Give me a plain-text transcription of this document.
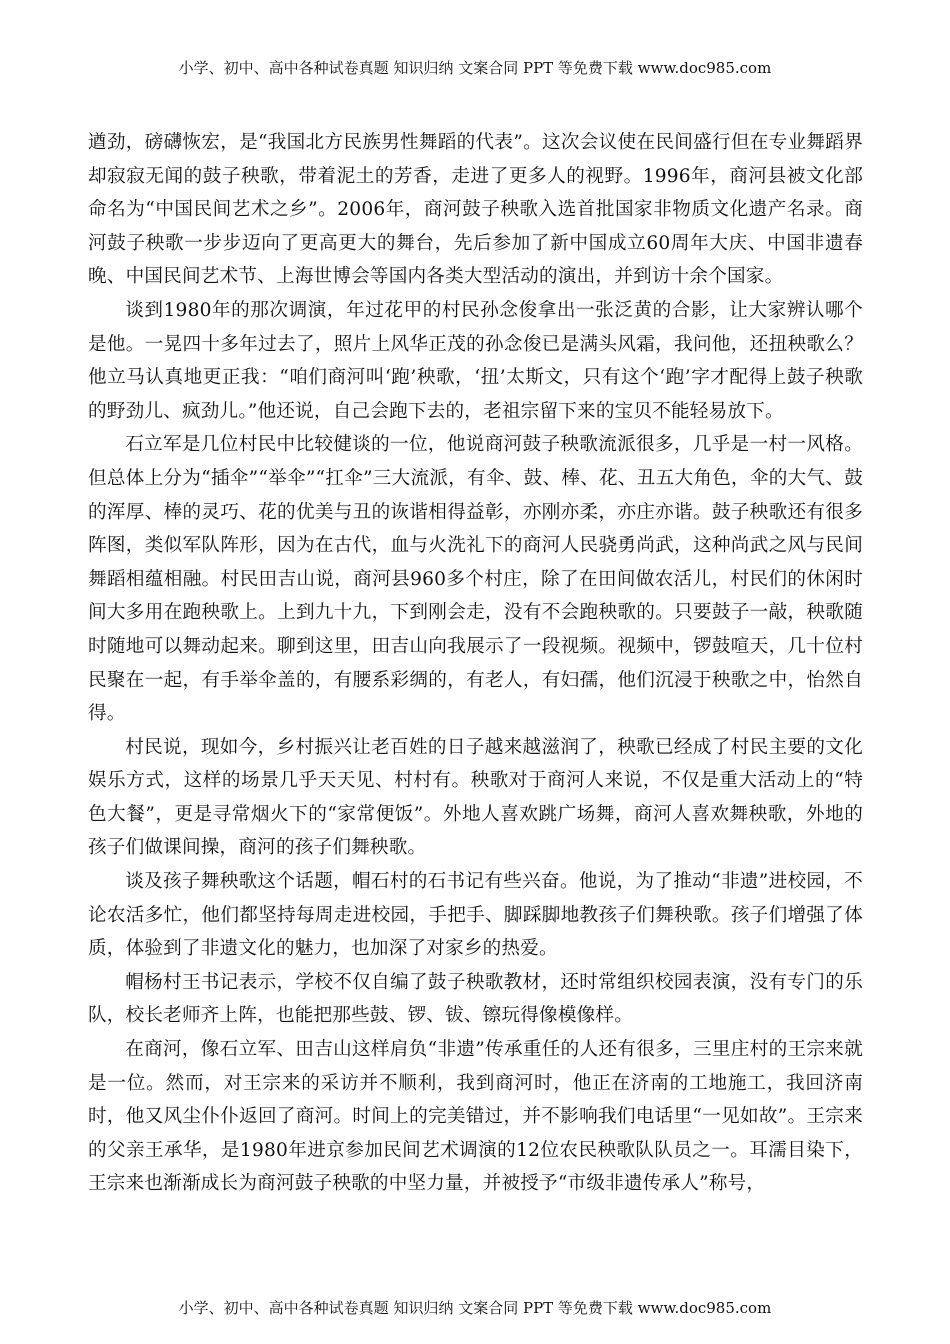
小学、初中、高中各种试卷真题 知识归纳 文案合同 PPT 等免费下载 www.doc985.com

遒劲，磅礴恢宏，是“我国北方民族男性舞蹈的代表”。这次会议使在民间盛行但在专业舞蹈界却寂寂无闻的鼓子秧歌，带着泥土的芳香，走进了更多人的视野。1996年，商河县被文化部命名为“中国民间艺术之乡”。2006年，商河鼓子秧歌入选首批国家非物质文化遗产名录。商河鼓子秧歌一步步迈向了更高更大的舞台，先后参加了新中国成立60周年大庆、中国非遗春晚、中国民间艺术节、上海世博会等国内各类大型活动的演出，并到访十余个国家。

谈到1980年的那次调演，年过花甲的村民孙念俊拿出一张泛黄的合影，让大家辨认哪个是他。一晃四十多年过去了，照片上风华正茂的孙念俊已是满头风霜，我问他，还扭秧歌么？他立马认真地更正我：“咱们商河叫‘跑’秧歌，‘扭’太斯文，只有这个‘跑’字才配得上鼓子秧歌的野劲儿、疯劲儿。”他还说，自己会跑下去的，老祖宗留下来的宝贝不能轻易放下。

石立军是几位村民中比较健谈的一位，他说商河鼓子秧歌流派很多，几乎是一村一风格。但总体上分为“插伞”“举伞”“扛伞”三大流派，有伞、鼓、棒、花、丑五大角色，伞的大气、鼓的浑厚、棒的灵巧、花的优美与丑的诙谐相得益彰，亦刚亦柔，亦庄亦谐。鼓子秧歌还有很多阵图，类似军队阵形，因为在古代，血与火洗礼下的商河人民骁勇尚武，这种尚武之风与民间舞蹈相蕴相融。村民田吉山说，商河县960多个村庄，除了在田间做农活儿，村民们的休闲时间大多用在跑秧歌上。上到九十九，下到刚会走，没有不会跑秧歌的。只要鼓子一敲，秧歌随时随地可以舞动起来。聊到这里，田吉山向我展示了一段视频。视频中，锣鼓喧天，几十位村民聚在一起，有手举伞盖的，有腰系彩绸的，有老人，有妇孺，他们沉浸于秧歌之中，怡然自得。

村民说，现如今，乡村振兴让老百姓的日子越来越滋润了，秧歌已经成了村民主要的文化娱乐方式，这样的场景几乎天天见、村村有。秧歌对于商河人来说，不仅是重大活动上的“特色大餐”，更是寻常烟火下的“家常便饭”。外地人喜欢跳广场舞，商河人喜欢舞秧歌，外地的孩子们做课间操，商河的孩子们舞秧歌。

谈及孩子舞秧歌这个话题，帽石村的石书记有些兴奋。他说，为了推动“非遗”进校园，不论农活多忙，他们都坚持每周走进校园，手把手、脚踩脚地教孩子们舞秧歌。孩子们增强了体质，体验到了非遗文化的魅力，也加深了对家乡的热爱。

帽杨村王书记表示，学校不仅自编了鼓子秧歌教材，还时常组织校园表演，没有专门的乐队，校长老师齐上阵，也能把那些鼓、锣、钹、镲玩得像模像样。

在商河，像石立军、田吉山这样肩负“非遗”传承重任的人还有很多，三里庄村的王宗来就是一位。然而，对王宗来的采访并不顺利，我到商河时，他正在济南的工地施工，我回济南时，他又风尘仆仆返回了商河。时间上的完美错过，并不影响我们电话里“一见如故”。王宗来的父亲王承华，是1980年进京参加民间艺术调演的12位农民秧歌队队员之一。耳濡目染下，王宗来也渐渐成长为商河鼓子秧歌的中坚力量，并被授予“市级非遗传承人”称号，

小学、初中、高中各种试卷真题 知识归纳 文案合同 PPT 等免费下载 www.doc985.com
